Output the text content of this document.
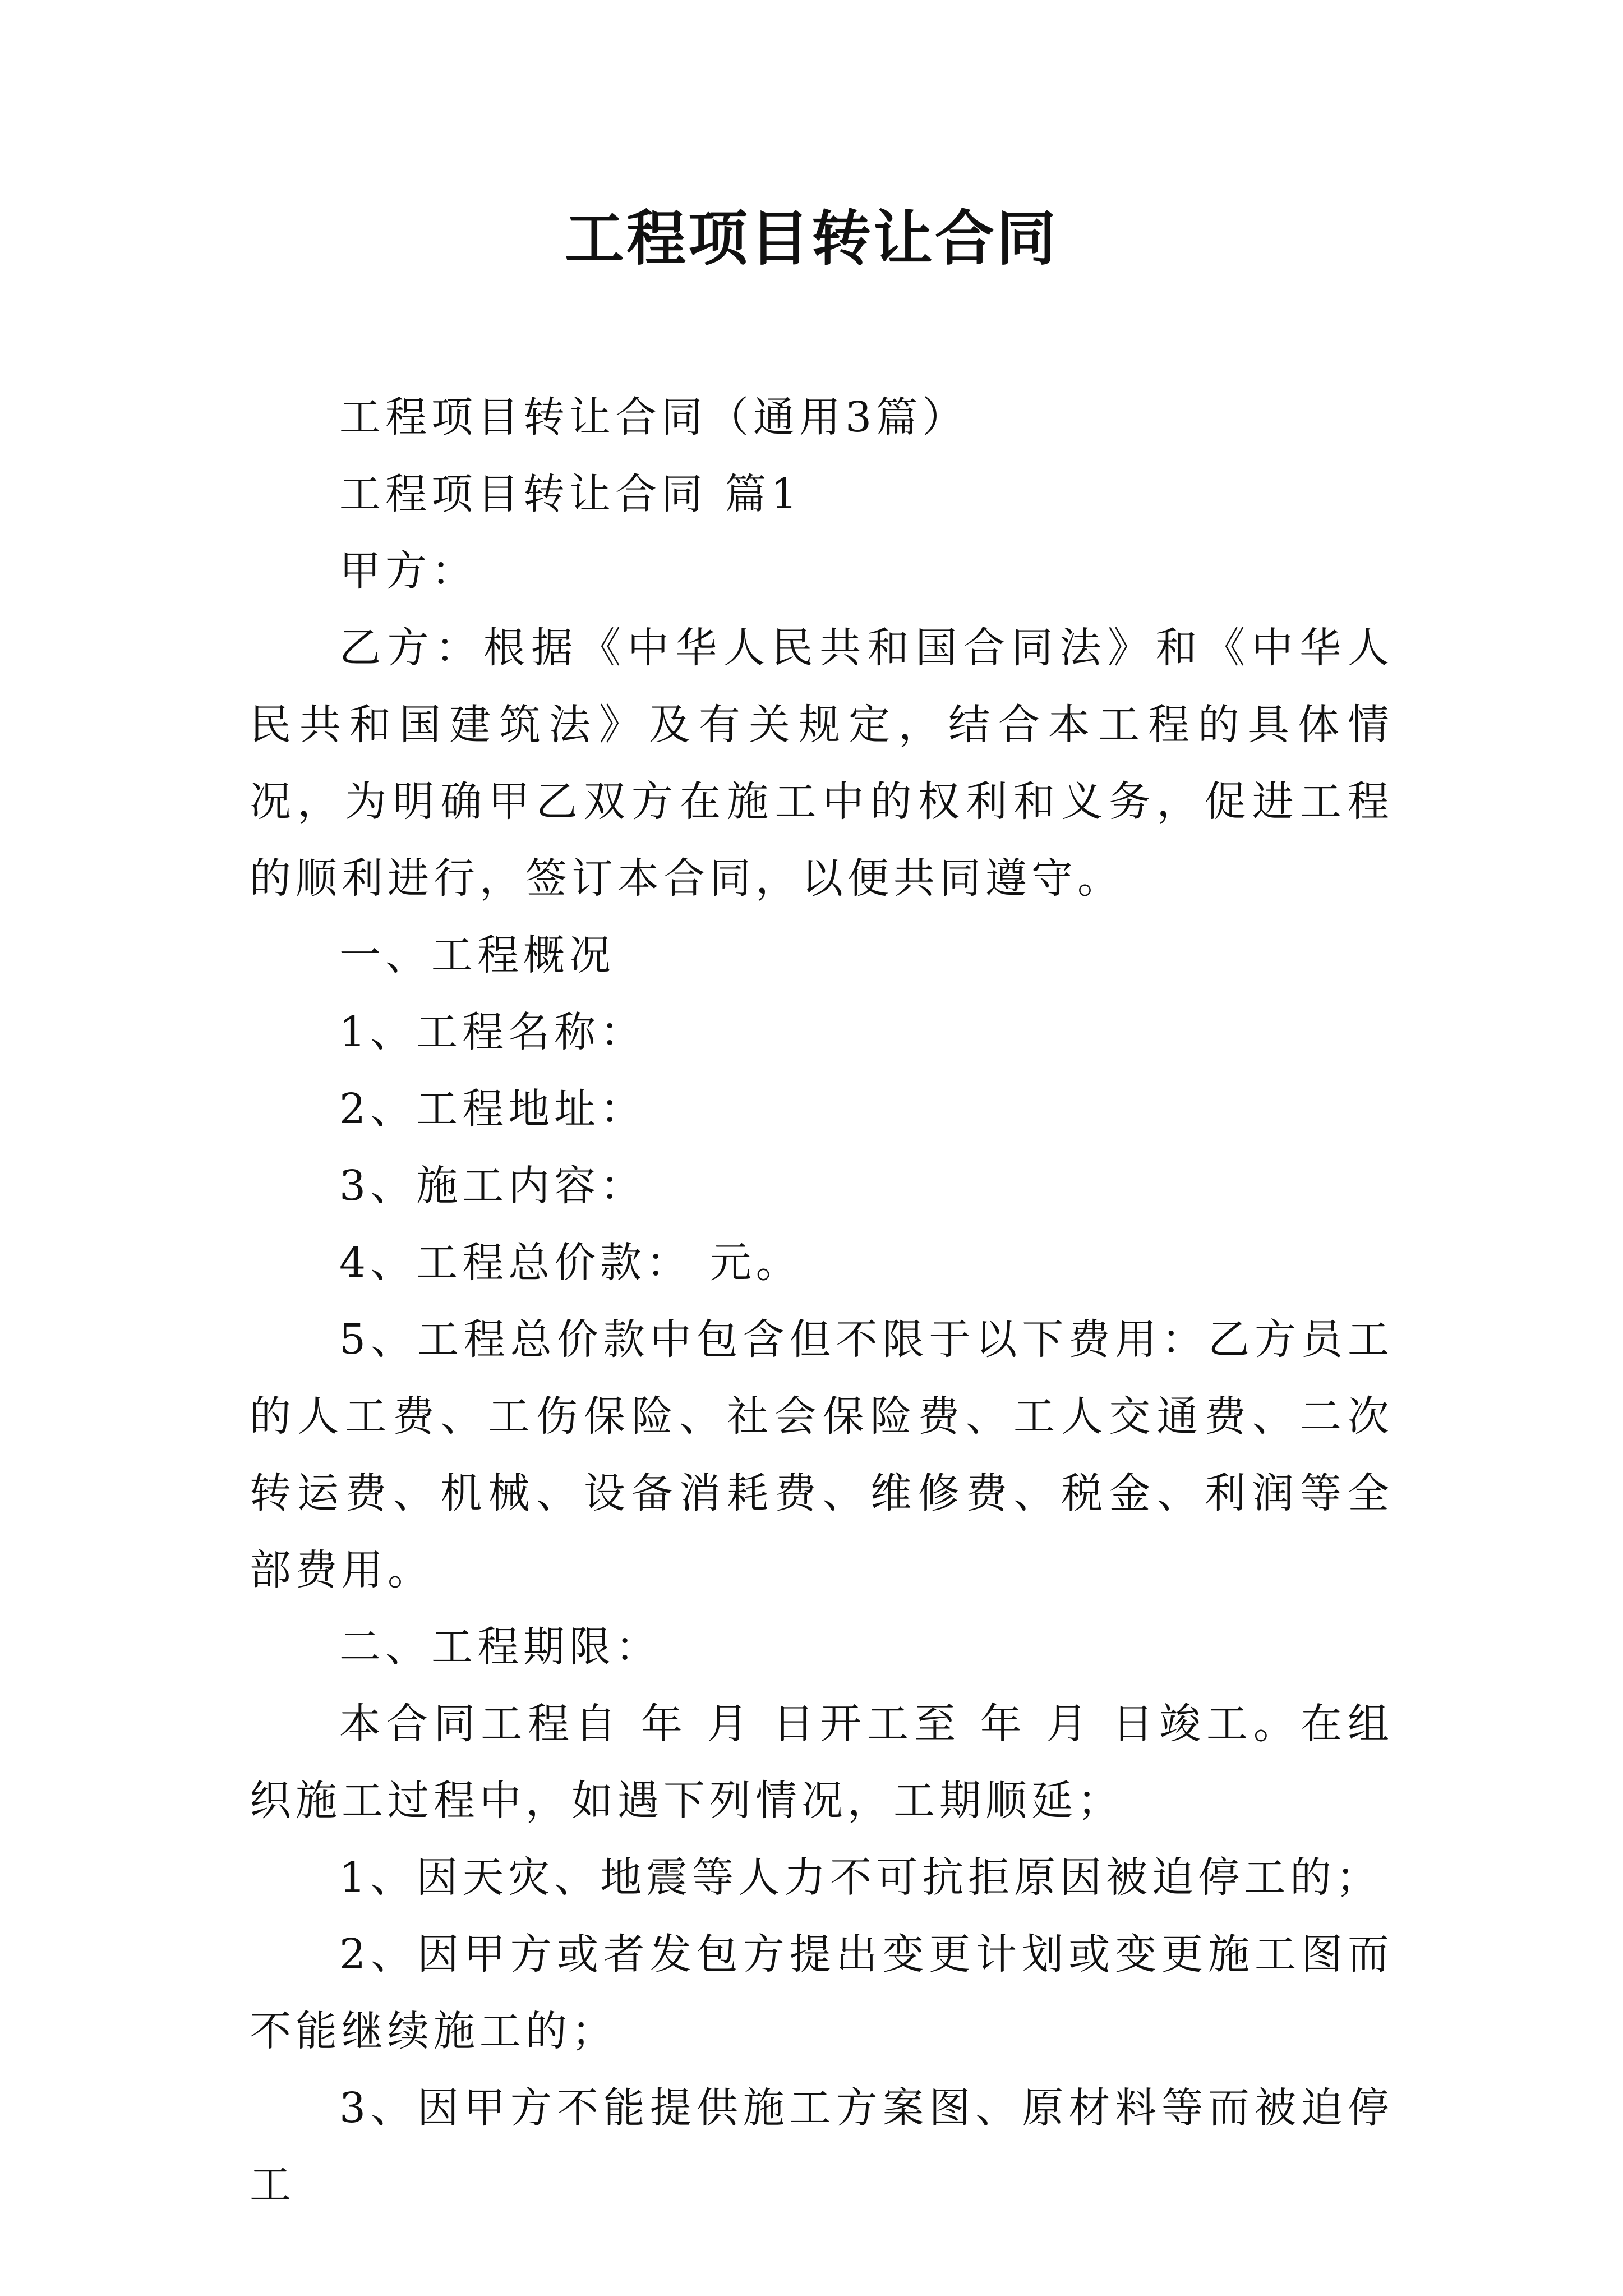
工程项目转让合同

工程项目转让合同（通用3篇）

工程项目转让合同 篇1

甲方：

乙方：根据《中华人民共和国合同法》和《中华人民共和国建筑法》及有关规定，结合本工程的具体情况，为明确甲乙双方在施工中的权利和义务，促进工程的顺利进行，签订本合同，以便共同遵守。

一、工程概况

1、工程名称：

2、工程地址：

3、施工内容：

4、工程总价款： 元。

5、工程总价款中包含但不限于以下费用：乙方员工的人工费、工伤保险、社会保险费、工人交通费、二次转运费、机械、设备消耗费、维修费、税金、利润等全部费用。

二、工程期限：

本合同工程自 年 月 日开工至 年 月 日竣工。在组织施工过程中，如遇下列情况，工期顺延；

1、因天灾、地震等人力不可抗拒原因被迫停工的；

2、因甲方或者发包方提出变更计划或变更施工图而不能继续施工的；

3、因甲方不能提供施工方案图、原材料等而被迫停工
